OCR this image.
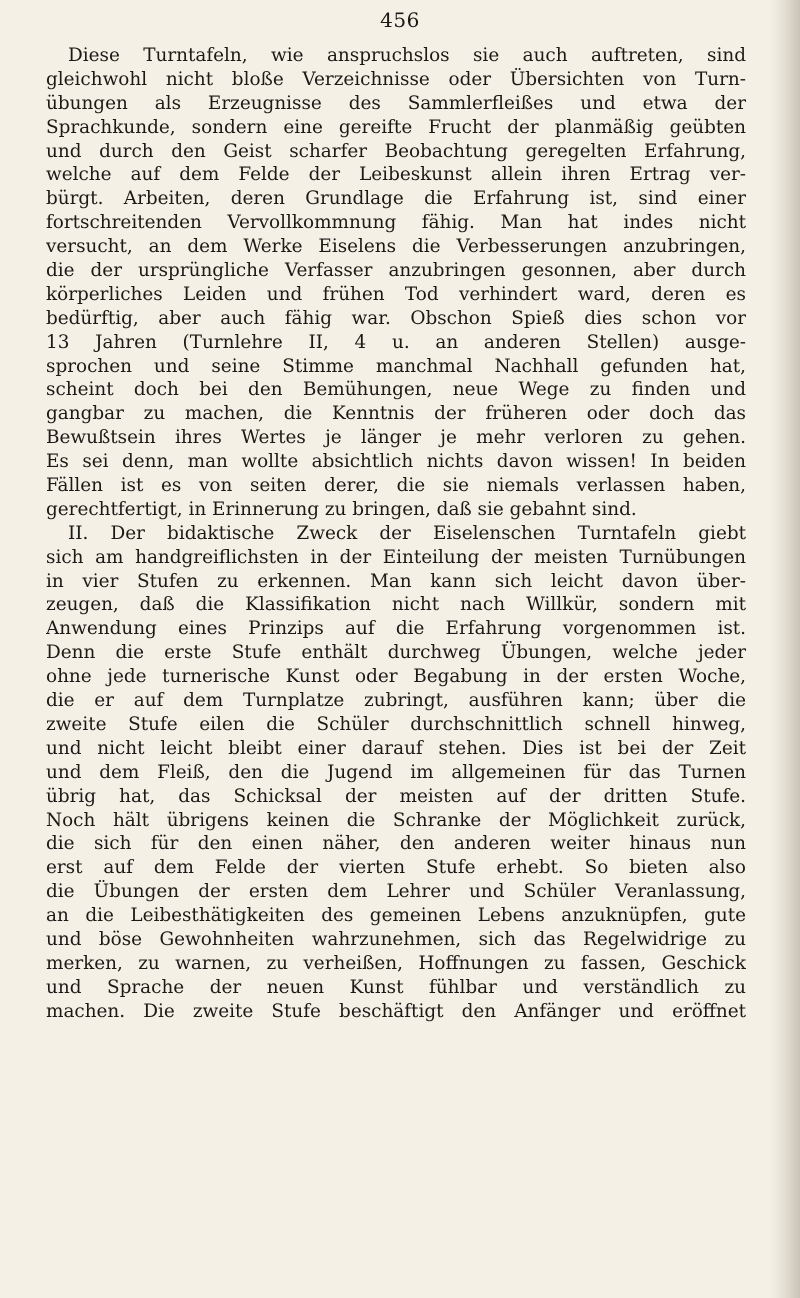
456
Diese Turntafeln, wie anspruchslos sie auch auftreten, sind
gleichwohl nicht bloße Verzeichnisse oder Übersichten von Turn-
übungen als Erzeugnisse des Sammlerfleißes und etwa der
Sprachkunde, sondern eine gereifte Frucht der planmäßig geübten
und durch den Geist scharfer Beobachtung geregelten Erfahrung,
welche auf dem Felde der Leibeskunst allein ihren Ertrag ver-
bürgt. Arbeiten, deren Grundlage die Erfahrung ist, sind einer
fortschreitenden Vervollkommnung fähig. Man hat indes nicht
versucht, an dem Werke Eiselens die Verbesserungen anzubringen,
die der ursprüngliche Verfasser anzubringen gesonnen, aber durch
körperliches Leiden und frühen Tod verhindert ward, deren es
bedürftig, aber auch fähig war. Obschon Spieß dies schon vor
13 Jahren (Turnlehre II, 4 u. an anderen Stellen) ausge-
sprochen und seine Stimme manchmal Nachhall gefunden hat,
scheint doch bei den Bemühungen, neue Wege zu finden und
gangbar zu machen, die Kenntnis der früheren oder doch das
Bewußtsein ihres Wertes je länger je mehr verloren zu gehen.
Es sei denn, man wollte absichtlich nichts davon wissen! In beiden
Fällen ist es von seiten derer, die sie niemals verlassen haben,
gerechtfertigt, in Erinnerung zu bringen, daß sie gebahnt sind.
II. Der bidaktische Zweck der Eiselenschen Turntafeln giebt
sich am handgreiflichsten in der Einteilung der meisten Turnübungen
in vier Stufen zu erkennen. Man kann sich leicht davon über-
zeugen, daß die Klassifikation nicht nach Willkür, sondern mit
Anwendung eines Prinzips auf die Erfahrung vorgenommen ist.
Denn die erste Stufe enthält durchweg Übungen, welche jeder
ohne jede turnerische Kunst oder Begabung in der ersten Woche,
die er auf dem Turnplatze zubringt, ausführen kann; über die
zweite Stufe eilen die Schüler durchschnittlich schnell hinweg,
und nicht leicht bleibt einer darauf stehen. Dies ist bei der Zeit
und dem Fleiß, den die Jugend im allgemeinen für das Turnen
übrig hat, das Schicksal der meisten auf der dritten Stufe.
Noch hält übrigens keinen die Schranke der Möglichkeit zurück,
die sich für den einen näher, den anderen weiter hinaus nun
erst auf dem Felde der vierten Stufe erhebt. So bieten also
die Übungen der ersten dem Lehrer und Schüler Veranlassung,
an die Leibesthätigkeiten des gemeinen Lebens anzuknüpfen, gute
und böse Gewohnheiten wahrzunehmen, sich das Regelwidrige zu
merken, zu warnen, zu verheißen, Hoffnungen zu fassen, Geschick
und Sprache der neuen Kunst fühlbar und verständlich zu
machen. Die zweite Stufe beschäftigt den Anfänger und eröffnet
